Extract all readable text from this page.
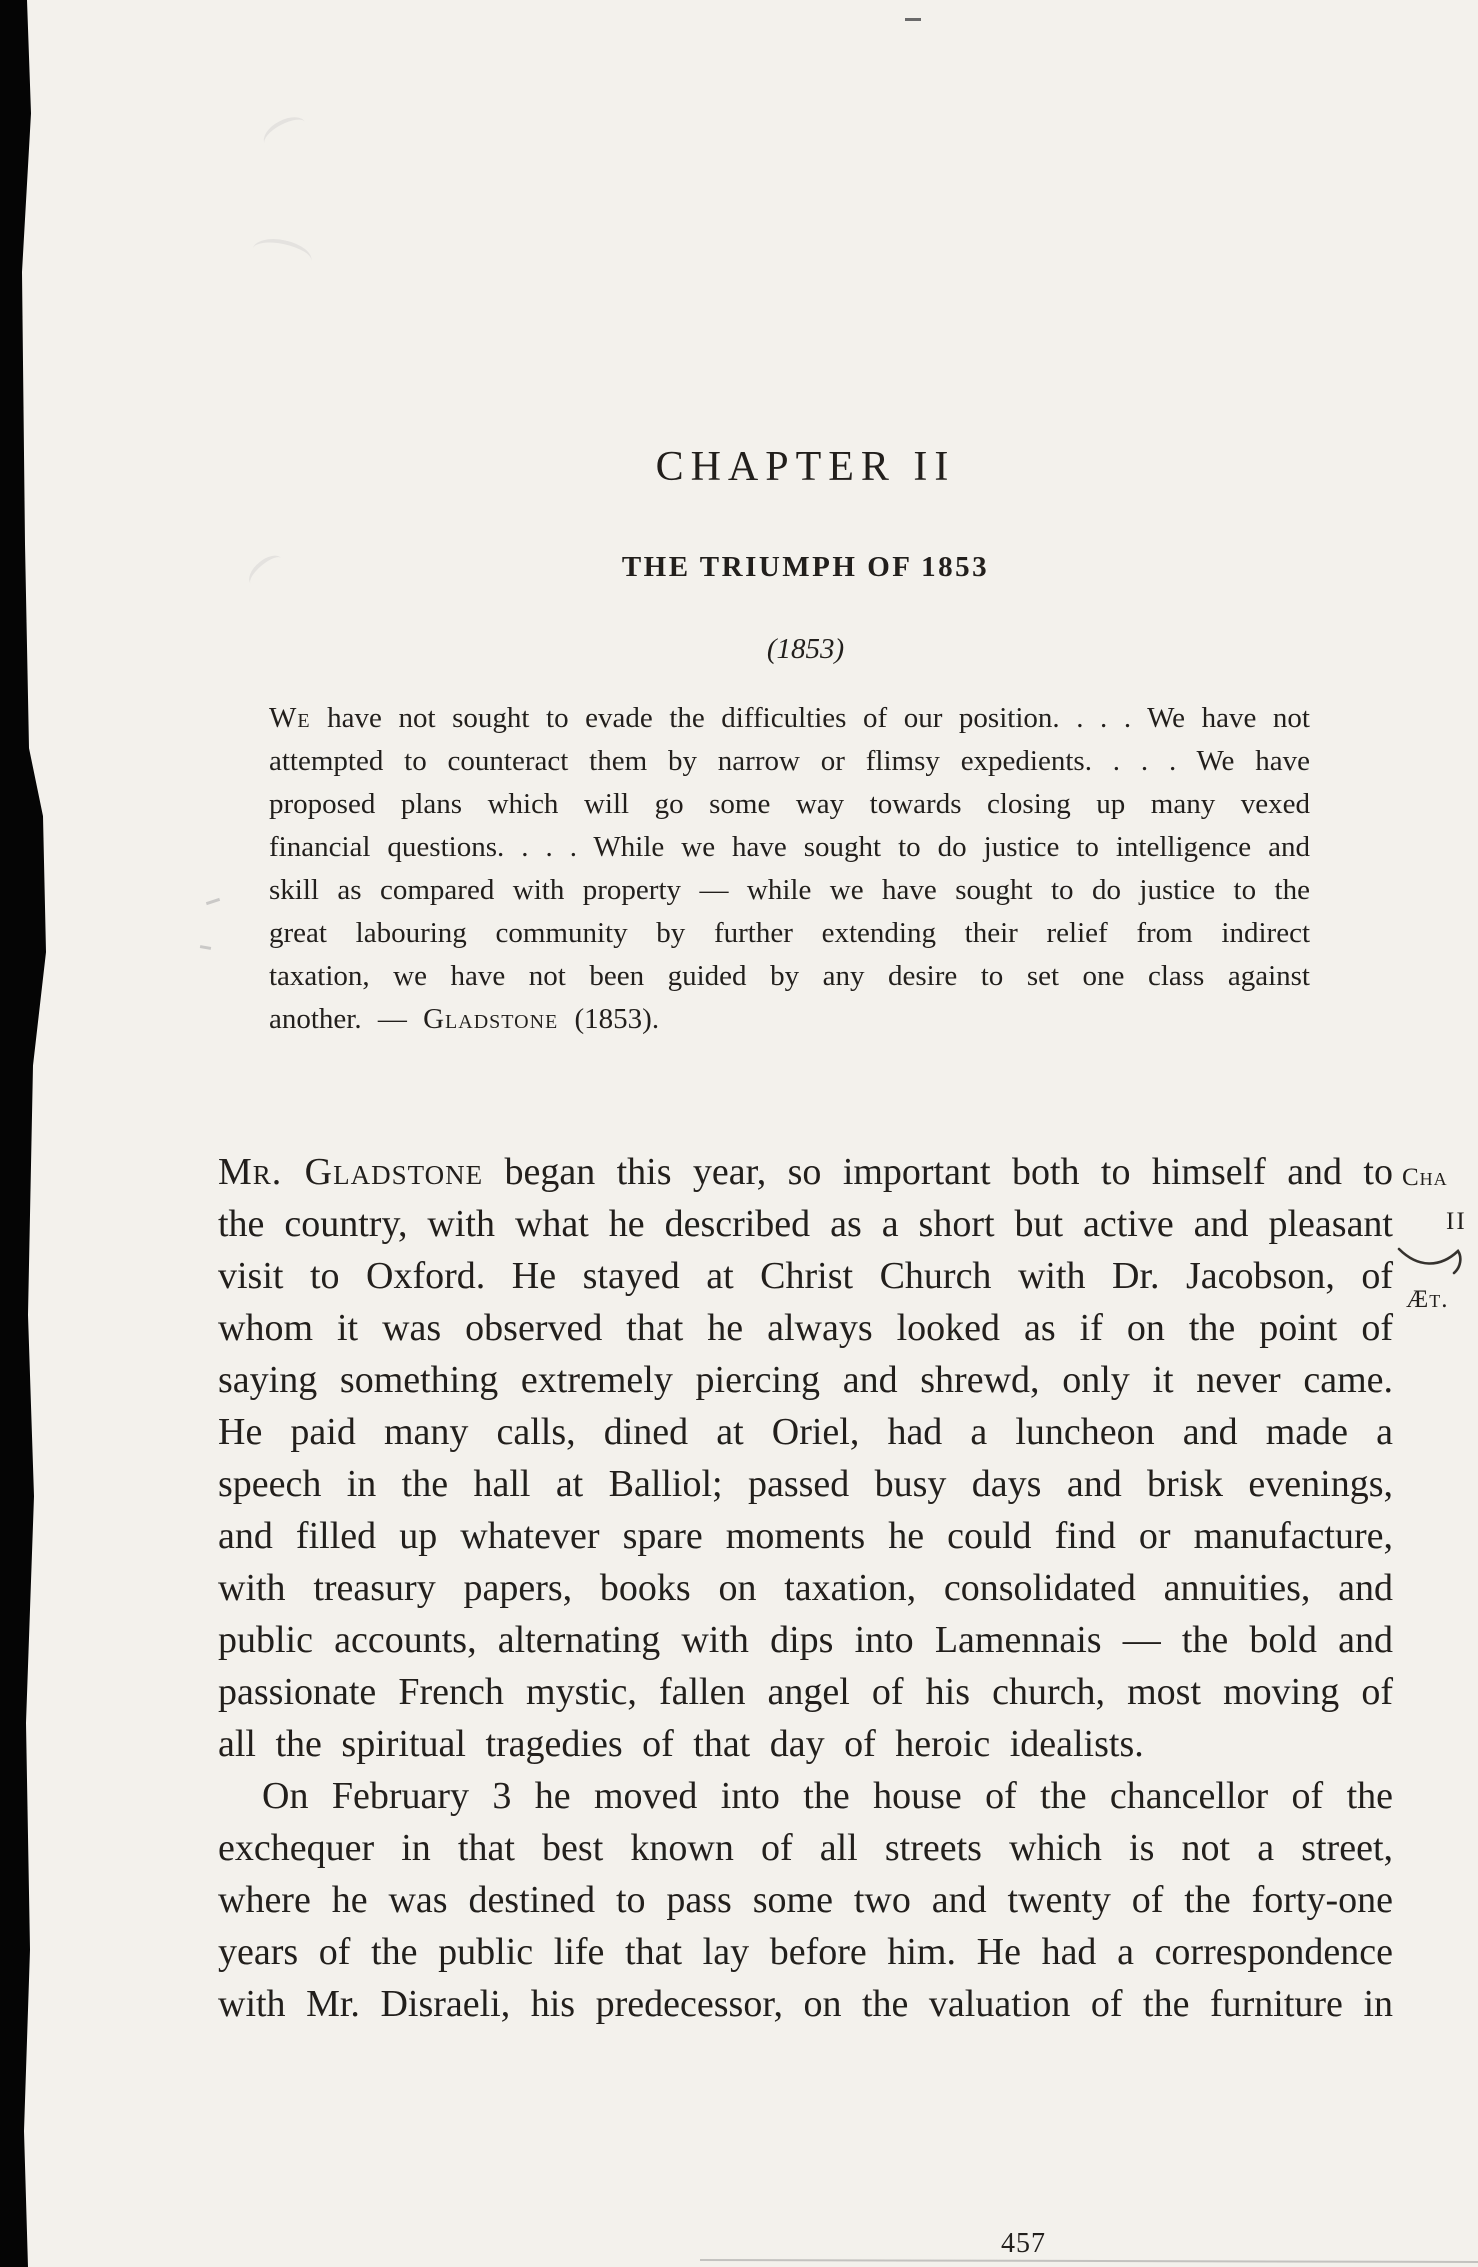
CHAPTER II
THE TRIUMPH OF 1853
(1853)

We have not sought to evade the difficulties of our position. . . . We have not attempted to counteract them by narrow or flimsy expedients. . . . We have proposed plans which will go some way towards closing up many vexed financial questions. . . . While we have sought to do justice to intelligence and skill as compared with property — while we have sought to do justice to the great labouring community by further extending their relief from indirect taxation, we have not been guided by any desire to set one class against another. — Gladstone (1853).

Mr. Gladstone began this year, so important both to himself and to the country, with what he described as a short but active and pleasant visit to Oxford. He stayed at Christ Church with Dr. Jacobson, of whom it was observed that he always looked as if on the point of saying something extremely piercing and shrewd, only it never came. He paid many calls, dined at Oriel, had a luncheon and made a speech in the hall at Balliol; passed busy days and brisk evenings, and filled up whatever spare moments he could find or manufacture, with treasury papers, books on taxation, consolidated annuities, and public accounts, alternating with dips into Lamennais — the bold and passionate French mystic, fallen angel of his church, most moving of all the spiritual tragedies of that day of heroic idealists.

On February 3 he moved into the house of the chancellor of the exchequer in that best known of all streets which is not a street, where he was destined to pass some two and twenty of the forty-one years of the public life that lay before him. He had a correspondence with Mr. Disraeli, his predecessor, on the valuation of the furniture in

457
Cha
II
Æt.
